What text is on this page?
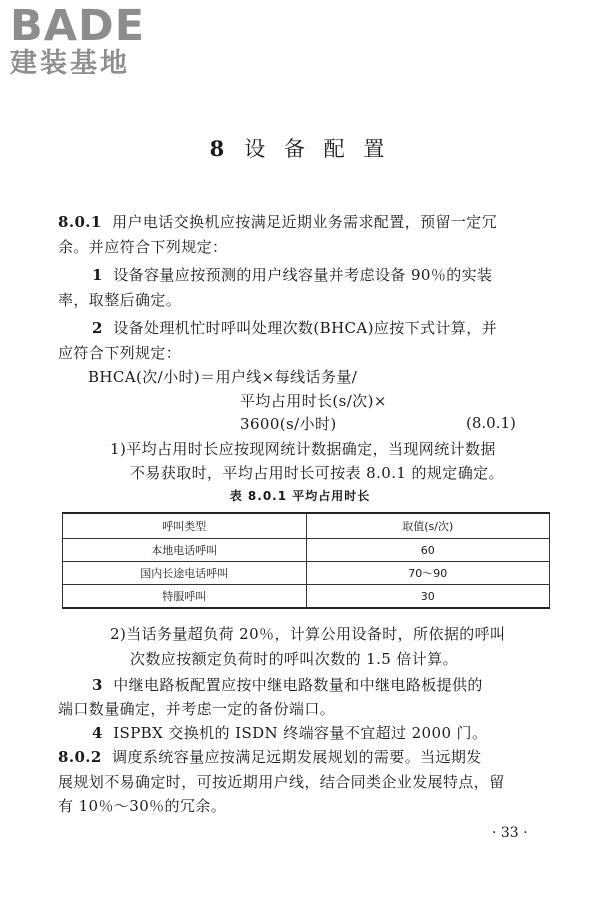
BADE
建装基地
8 设 备 配 置
8.0.1 用户电话交换机应按满足近期业务需求配置，预留一定冗
余。并应符合下列规定：
1 设备容量应按预测的用户线容量并考虑设备 90％的实装
率，取整后确定。
2 设备处理机忙时呼叫处理次数(BHCA)应按下式计算，并
应符合下列规定：
BHCA(次/小时)＝用户线×每线话务量/
平均占用时长(s/次)×
3600(s/小时)	(8.0.1)
1)平均占用时长应按现网统计数据确定，当现网统计数据
不易获取时，平均占用时长可按表 8.0.1 的规定确定。
表 8.0.1 平均占用时长
呼叫类型	取值(s/次)
本地电话呼叫	60
国内长途电话呼叫	70～90
特服呼叫	30
2)当话务量超负荷 20％，计算公用设备时，所依据的呼叫
次数应按额定负荷时的呼叫次数的 1.5 倍计算。
3 中继电路板配置应按中继电路数量和中继电路板提供的
端口数量确定，并考虑一定的备份端口。
4 ISPBX 交换机的 ISDN 终端容量不宜超过 2000 门。
8.0.2 调度系统容量应按满足远期发展规划的需要。当远期发
展规划不易确定时，可按近期用户线，结合同类企业发展特点，留
有 10％～30％的冗余。
· 33 ·
